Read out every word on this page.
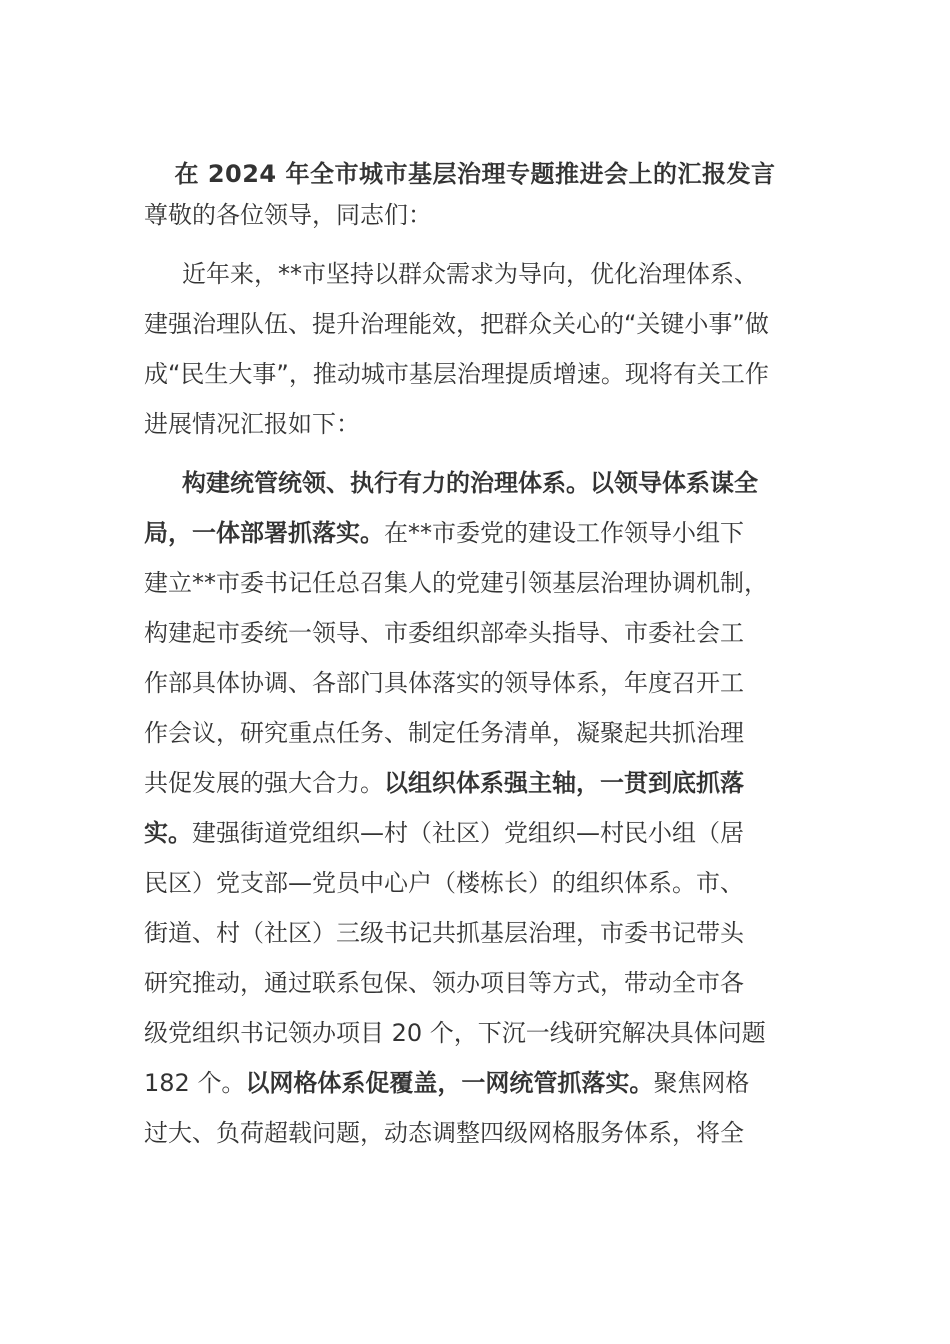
在 2024 年全市城市基层治理专题推进会上的汇报发言
尊敬的各位领导，同志们：
近年来，**市坚持以群众需求为导向，优化治理体系、
建强治理队伍、提升治理能效，把群众关心的“关键小事”做
成“民生大事”，推动城市基层治理提质增速。现将有关工作
进展情况汇报如下：
构建统管统领、执行有力的治理体系。以领导体系谋全
局，一体部署抓落实。在**市委党的建设工作领导小组下
建立**市委书记任总召集人的党建引领基层治理协调机制，
构建起市委统一领导、市委组织部牵头指导、市委社会工
作部具体协调、各部门具体落实的领导体系，年度召开工
作会议，研究重点任务、制定任务清单，凝聚起共抓治理
共促发展的强大合力。以组织体系强主轴，一贯到底抓落
实。建强街道党组织—村（社区）党组织—村民小组（居
民区）党支部—党员中心户（楼栋长）的组织体系。市、
街道、村（社区）三级书记共抓基层治理，市委书记带头
研究推动，通过联系包保、领办项目等方式，带动全市各
级党组织书记领办项目 20 个，下沉一线研究解决具体问题
182 个。以网格体系促覆盖，一网统管抓落实。聚焦网格
过大、负荷超载问题，动态调整四级网格服务体系，将全
